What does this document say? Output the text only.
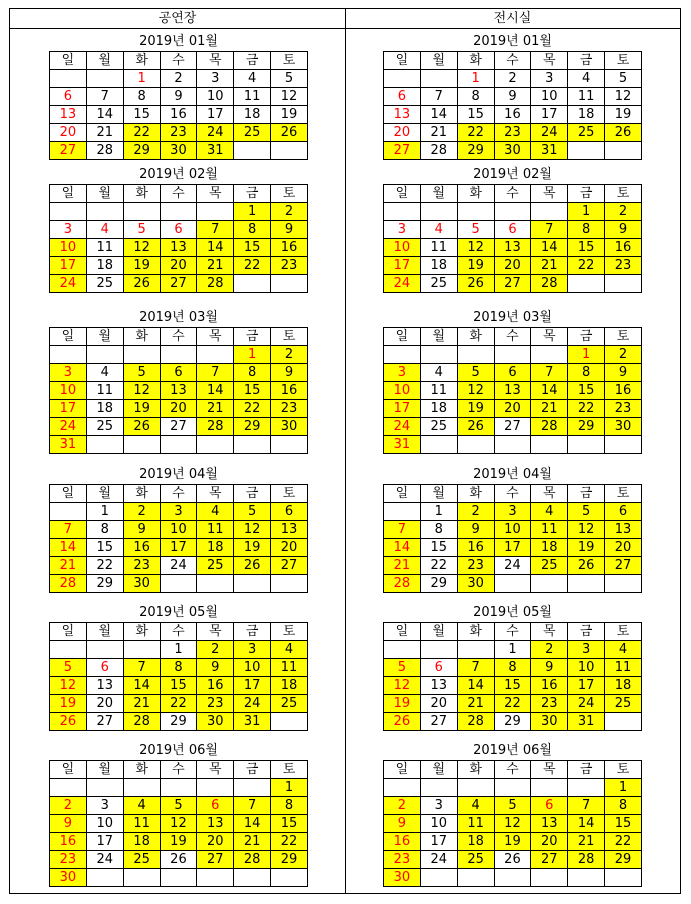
공연장	전시실
2019년 01월
일	월	화	수	목	금	토
		1	2	3	4	5
6	7	8	9	10	11	12
13	14	15	16	17	18	19
20	21	22	23	24	25	26
27	28	29	30	31		
2019년 02월
일	월	화	수	목	금	토
					1	2
3	4	5	6	7	8	9
10	11	12	13	14	15	16
17	18	19	20	21	22	23
24	25	26	27	28		
2019년 03월
일	월	화	수	목	금	토
					1	2
3	4	5	6	7	8	9
10	11	12	13	14	15	16
17	18	19	20	21	22	23
24	25	26	27	28	29	30
31						
2019년 04월
일	월	화	수	목	금	토
	1	2	3	4	5	6
7	8	9	10	11	12	13
14	15	16	17	18	19	20
21	22	23	24	25	26	27
28	29	30				
2019년 05월
일	월	화	수	목	금	토
			1	2	3	4
5	6	7	8	9	10	11
12	13	14	15	16	17	18
19	20	21	22	23	24	25
26	27	28	29	30	31	
2019년 06월
일	월	화	수	목	금	토
						1
2	3	4	5	6	7	8
9	10	11	12	13	14	15
16	17	18	19	20	21	22
23	24	25	26	27	28	29
30						
2019년 01월
일	월	화	수	목	금	토
		1	2	3	4	5
6	7	8	9	10	11	12
13	14	15	16	17	18	19
20	21	22	23	24	25	26
27	28	29	30	31		
2019년 02월
일	월	화	수	목	금	토
					1	2
3	4	5	6	7	8	9
10	11	12	13	14	15	16
17	18	19	20	21	22	23
24	25	26	27	28		
2019년 03월
일	월	화	수	목	금	토
					1	2
3	4	5	6	7	8	9
10	11	12	13	14	15	16
17	18	19	20	21	22	23
24	25	26	27	28	29	30
31						
2019년 04월
일	월	화	수	목	금	토
	1	2	3	4	5	6
7	8	9	10	11	12	13
14	15	16	17	18	19	20
21	22	23	24	25	26	27
28	29	30				
2019년 05월
일	월	화	수	목	금	토
			1	2	3	4
5	6	7	8	9	10	11
12	13	14	15	16	17	18
19	20	21	22	23	24	25
26	27	28	29	30	31	
2019년 06월
일	월	화	수	목	금	토
						1
2	3	4	5	6	7	8
9	10	11	12	13	14	15
16	17	18	19	20	21	22
23	24	25	26	27	28	29
30						
